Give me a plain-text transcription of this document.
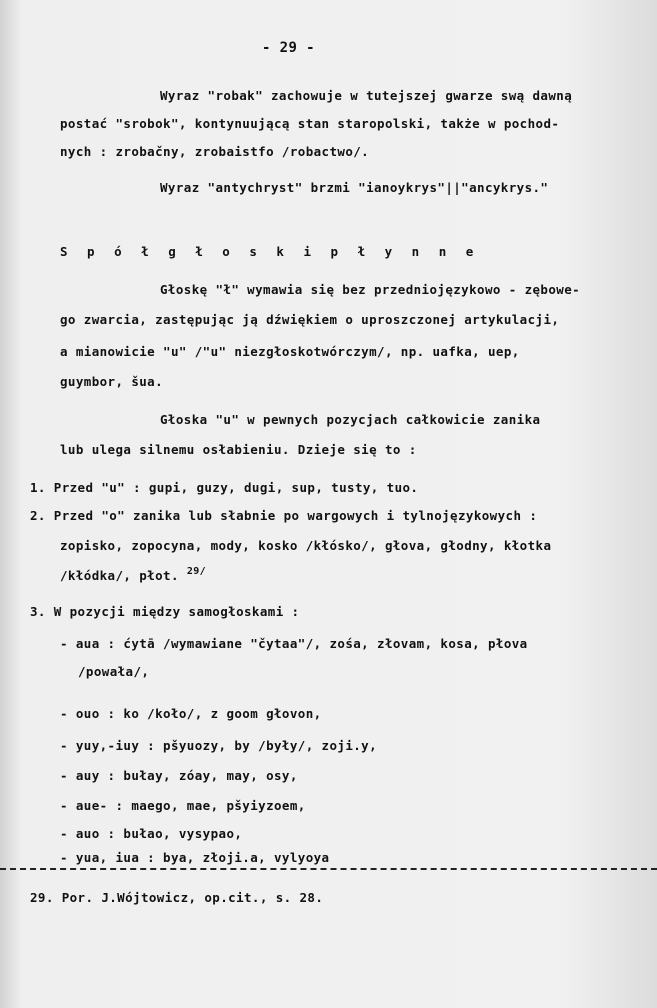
- 29 -
Wyraz "robak" zachowuje w tutejszej gwarze swą dawną
postać "srobok", kontynuującą stan staropolski, także w pochod-
nych : zrobačny, zrobaistfo /robactwo/.
Wyraz "antychryst" brzmi "ianoykrys"||"ancykrys."
S p ó ł g ł o s k i p ł y n n e
Głoskę "ł" wymawia się bez przedniojęzykowo - zębowe-
go zwarcia, zastępując ją dźwiękiem o uproszczonej artykulacji,
a mianowicie "u" /"u" niezgłoskotwórczym/, np. uafka, uep,
guymbor, šua.
Głoska "u" w pewnych pozycjach całkowicie zanika
lub ulega silnemu osłabieniu. Dzieje się to :
1. Przed "u" : gupi, guzy, dugi, sup, tusty, tuo.
2. Przed "o" zanika lub słabnie po wargowych i tylnojęzykowych :
zopisko, zopocyna, mody, kosko /kłósko/, głova, głodny, kłotka
/kłódka/, płot. $^{29/}$
3. W pozycji między samogłoskami :
- aua : ćytā /wymawiane "čytaa"/, zośa, złovam, kosa, płova
/powała/,
- ouo : ko /koło/, z goom głovon,
- yuy,-iuy : pšyuozy, by /były/, zoji.y,
- auy : bułay, zóay, may, osy,
- aue- : maego, mae, pšyiyzoem,
- auo : bułao, vysypao,
- yua, iua : bya, złoji.a, vylyoya
29. Por. J.Wójtowicz, op.cit., s. 28.
